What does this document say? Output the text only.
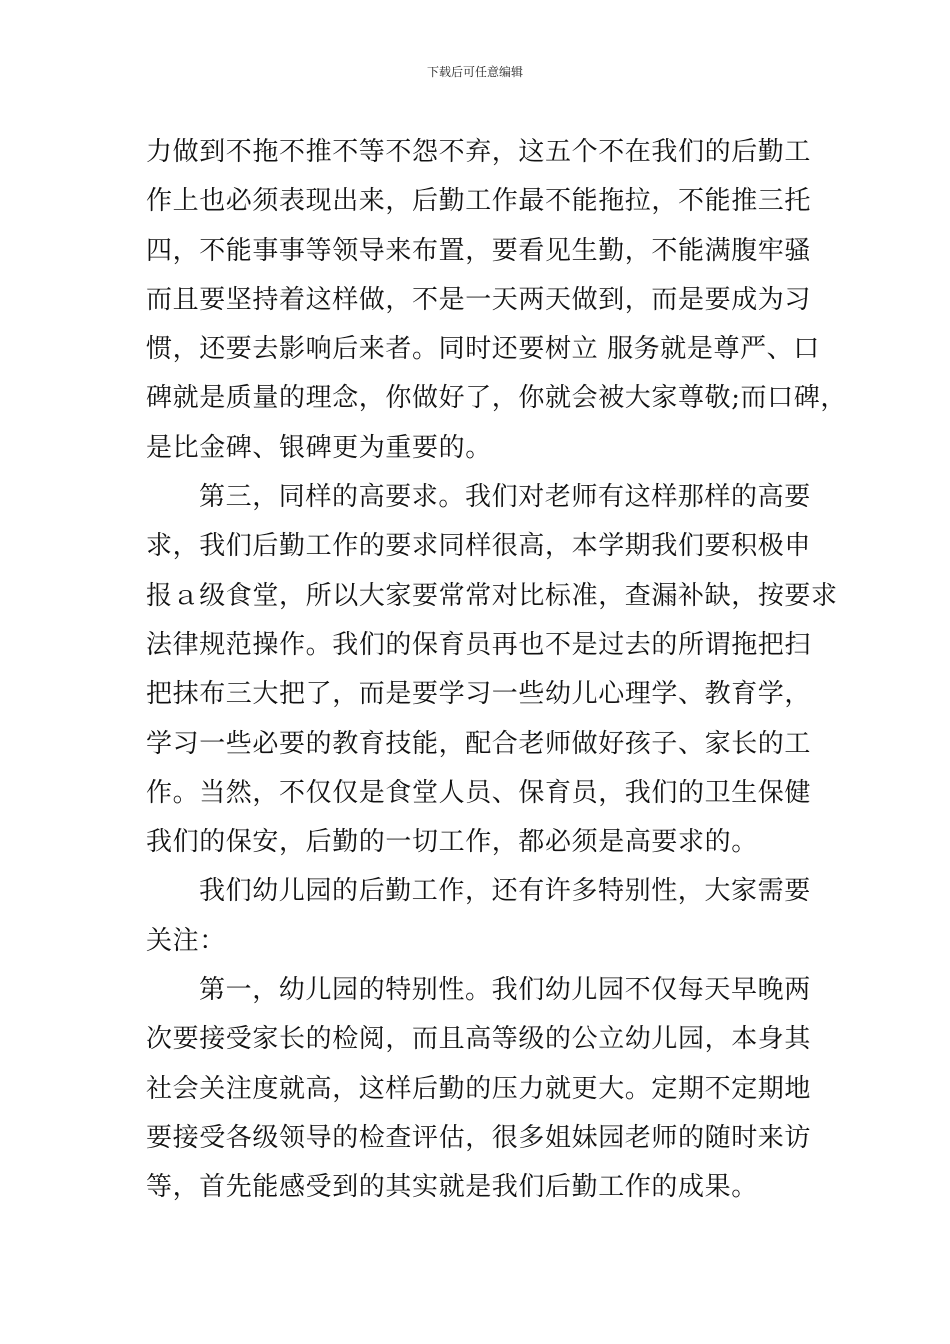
下载后可任意编辑
力做到不拖不推不等不怨不弃，这五个不在我们的后勤工
作上也必须表现出来，后勤工作最不能拖拉，不能推三托
四，不能事事等领导来布置，要看见生勤，不能满腹牢骚
而且要坚持着这样做，不是一天两天做到，而是要成为习
惯，还要去影响后来者。同时还要树立 服务就是尊严、口
碑就是质量的理念，你做好了，你就会被大家尊敬;而口碑，
是比金碑、银碑更为重要的。
第三，同样的高要求。我们对老师有这样那样的高要
求，我们后勤工作的要求同样很高，本学期我们要积极申
报ａ级食堂，所以大家要常常对比标准，查漏补缺，按要求
法律规范操作。我们的保育员再也不是过去的所谓拖把扫
把抹布三大把了，而是要学习一些幼儿心理学、教育学，
学习一些必要的教育技能，配合老师做好孩子、家长的工
作。当然，不仅仅是食堂人员、保育员，我们的卫生保健
我们的保安，后勤的一切工作，都必须是高要求的。
我们幼儿园的后勤工作，还有许多特别性，大家需要
关注：
第一，幼儿园的特别性。我们幼儿园不仅每天早晚两
次要接受家长的检阅，而且高等级的公立幼儿园，本身其
社会关注度就高，这样后勤的压力就更大。定期不定期地
要接受各级领导的检查评估，很多姐妹园老师的随时来访
等，首先能感受到的其实就是我们后勤工作的成果。
